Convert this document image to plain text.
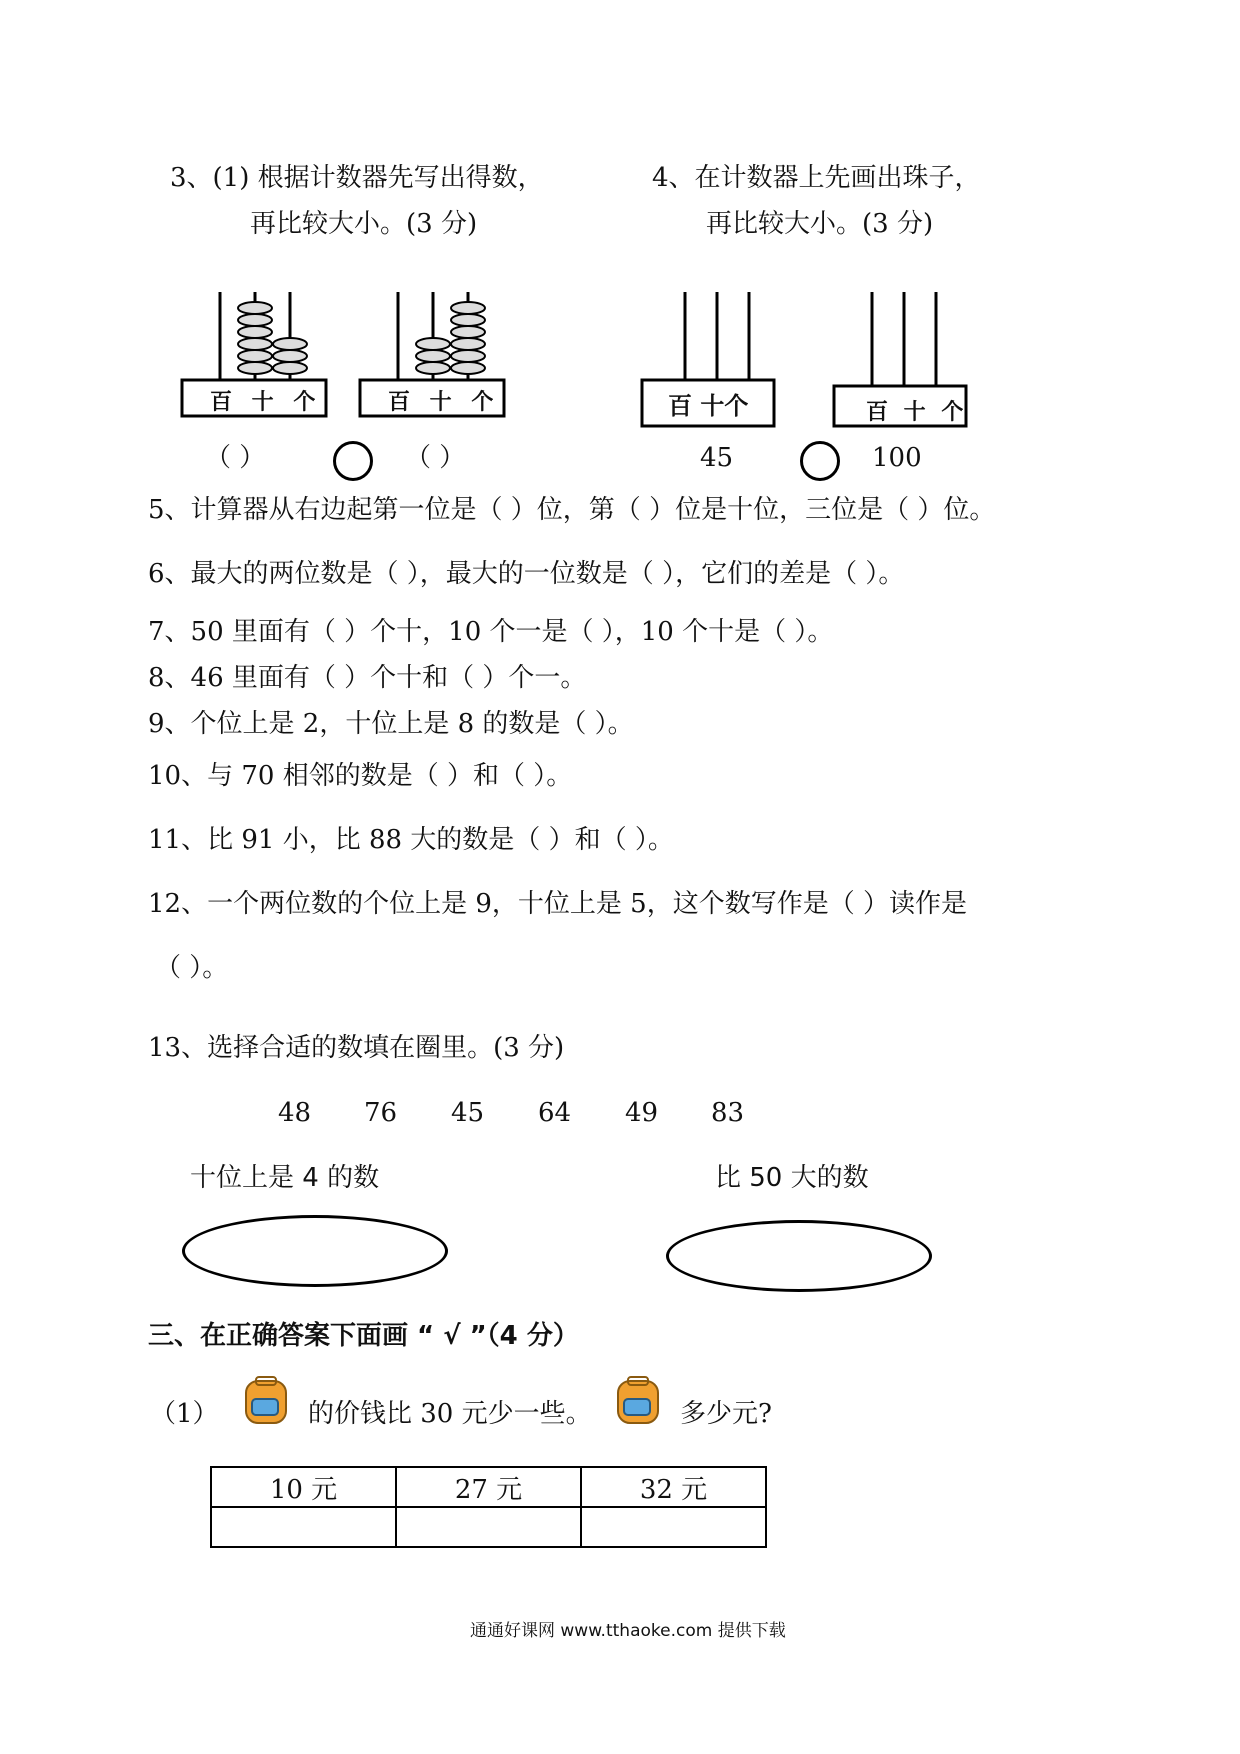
3、(1) 根据计数器先写出得数，
再比较大小。(3 分)
4、在计数器上先画出珠子，
再比较大小。(3 分)
百 十 个	百 十 个	百 十个	百 十 个
（ ）	（ ）	45	100
5、计算器从右边起第一位是（ ）位，第（ ）位是十位，三位是（ ）位。
6、最大的两位数是（ ），最大的一位数是（ ），它们的差是（ ）。
7、50 里面有（ ）个十，10 个一是（ ），10 个十是（ ）。
8、46 里面有（ ）个十和（ ）个一。
9、个位上是 2，十位上是 8 的数是（ ）。
10、与 70 相邻的数是（ ）和（ ）。
11、比 91 小，比 88 大的数是（ ）和（ ）。
12、一个两位数的个位上是 9，十位上是 5，这个数写作是（ ）读作是
（ ）。
13、选择合适的数填在圈里。(3 分)
48 76 45 64 49 83
十位上是 4 的数	比 50 大的数
三、在正确答案下面画 “ √ ”（4 分）
（1）	的价钱比 30 元少一些。	多少元?
10 元	27 元	32 元

通通好课网 www.tthaoke.com 提供下载
